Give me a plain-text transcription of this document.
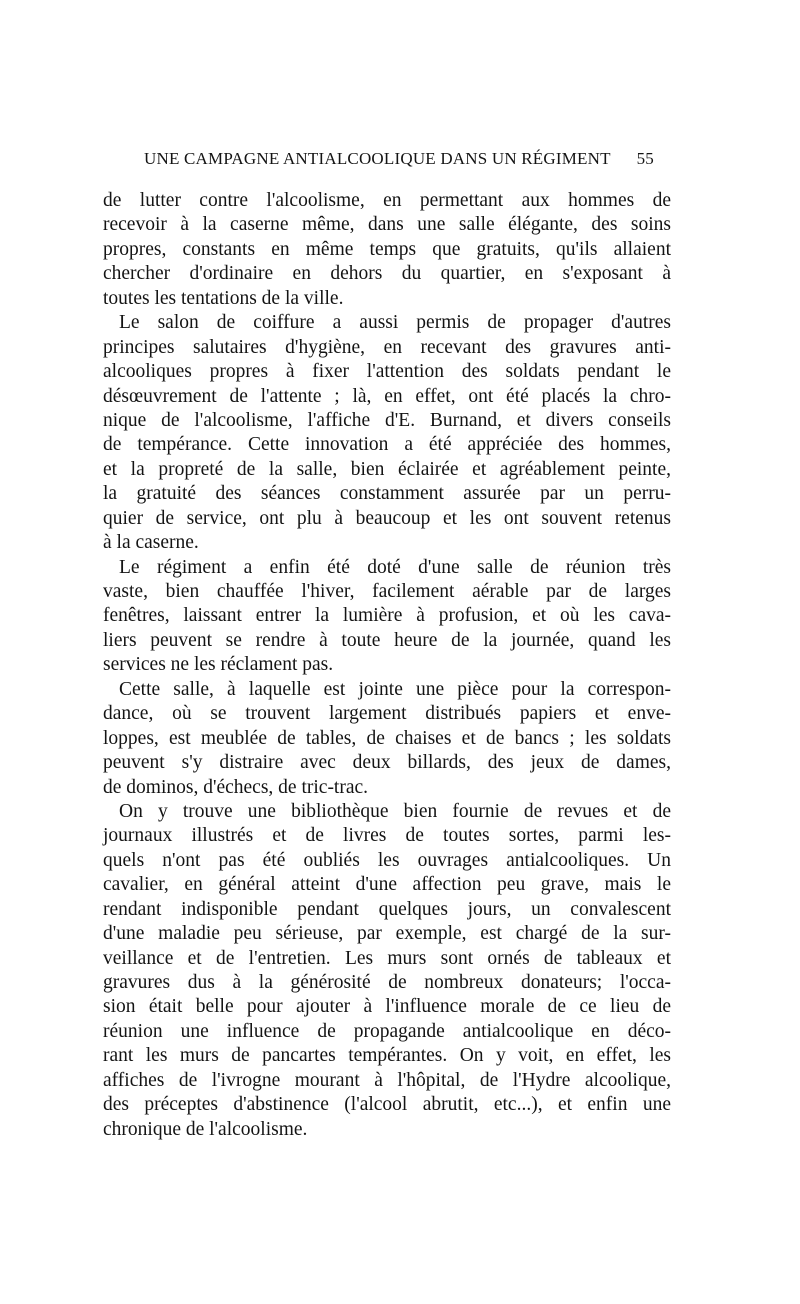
UNE CAMPAGNE ANTIALCOOLIQUE DANS UN RÉGIMENT 55
de lutter contre l'alcoolisme, en permettant aux hommes de
recevoir à la caserne même, dans une salle élégante, des soins
propres, constants en même temps que gratuits, qu'ils allaient
chercher d'ordinaire en dehors du quartier, en s'exposant à
toutes les tentations de la ville.
Le salon de coiffure a aussi permis de propager d'autres
principes salutaires d'hygiène, en recevant des gravures anti-
alcooliques propres à fixer l'attention des soldats pendant le
désœuvrement de l'attente ; là, en effet, ont été placés la chro-
nique de l'alcoolisme, l'affiche d'E. Burnand, et divers conseils
de tempérance. Cette innovation a été appréciée des hommes,
et la propreté de la salle, bien éclairée et agréablement peinte,
la gratuité des séances constamment assurée par un perru-
quier de service, ont plu à beaucoup et les ont souvent retenus
à la caserne.
Le régiment a enfin été doté d'une salle de réunion très
vaste, bien chauffée l'hiver, facilement aérable par de larges
fenêtres, laissant entrer la lumière à profusion, et où les cava-
liers peuvent se rendre à toute heure de la journée, quand les
services ne les réclament pas.
Cette salle, à laquelle est jointe une pièce pour la correspon-
dance, où se trouvent largement distribués papiers et enve-
loppes, est meublée de tables, de chaises et de bancs ; les soldats
peuvent s'y distraire avec deux billards, des jeux de dames,
de dominos, d'échecs, de tric-trac.
On y trouve une bibliothèque bien fournie de revues et de
journaux illustrés et de livres de toutes sortes, parmi les-
quels n'ont pas été oubliés les ouvrages antialcooliques. Un
cavalier, en général atteint d'une affection peu grave, mais le
rendant indisponible pendant quelques jours, un convalescent
d'une maladie peu sérieuse, par exemple, est chargé de la sur-
veillance et de l'entretien. Les murs sont ornés de tableaux et
gravures dus à la générosité de nombreux donateurs; l'occa-
sion était belle pour ajouter à l'influence morale de ce lieu de
réunion une influence de propagande antialcoolique en déco-
rant les murs de pancartes tempérantes. On y voit, en effet, les
affiches de l'ivrogne mourant à l'hôpital, de l'Hydre alcoolique,
des préceptes d'abstinence (l'alcool abrutit, etc...), et enfin une
chronique de l'alcoolisme.
